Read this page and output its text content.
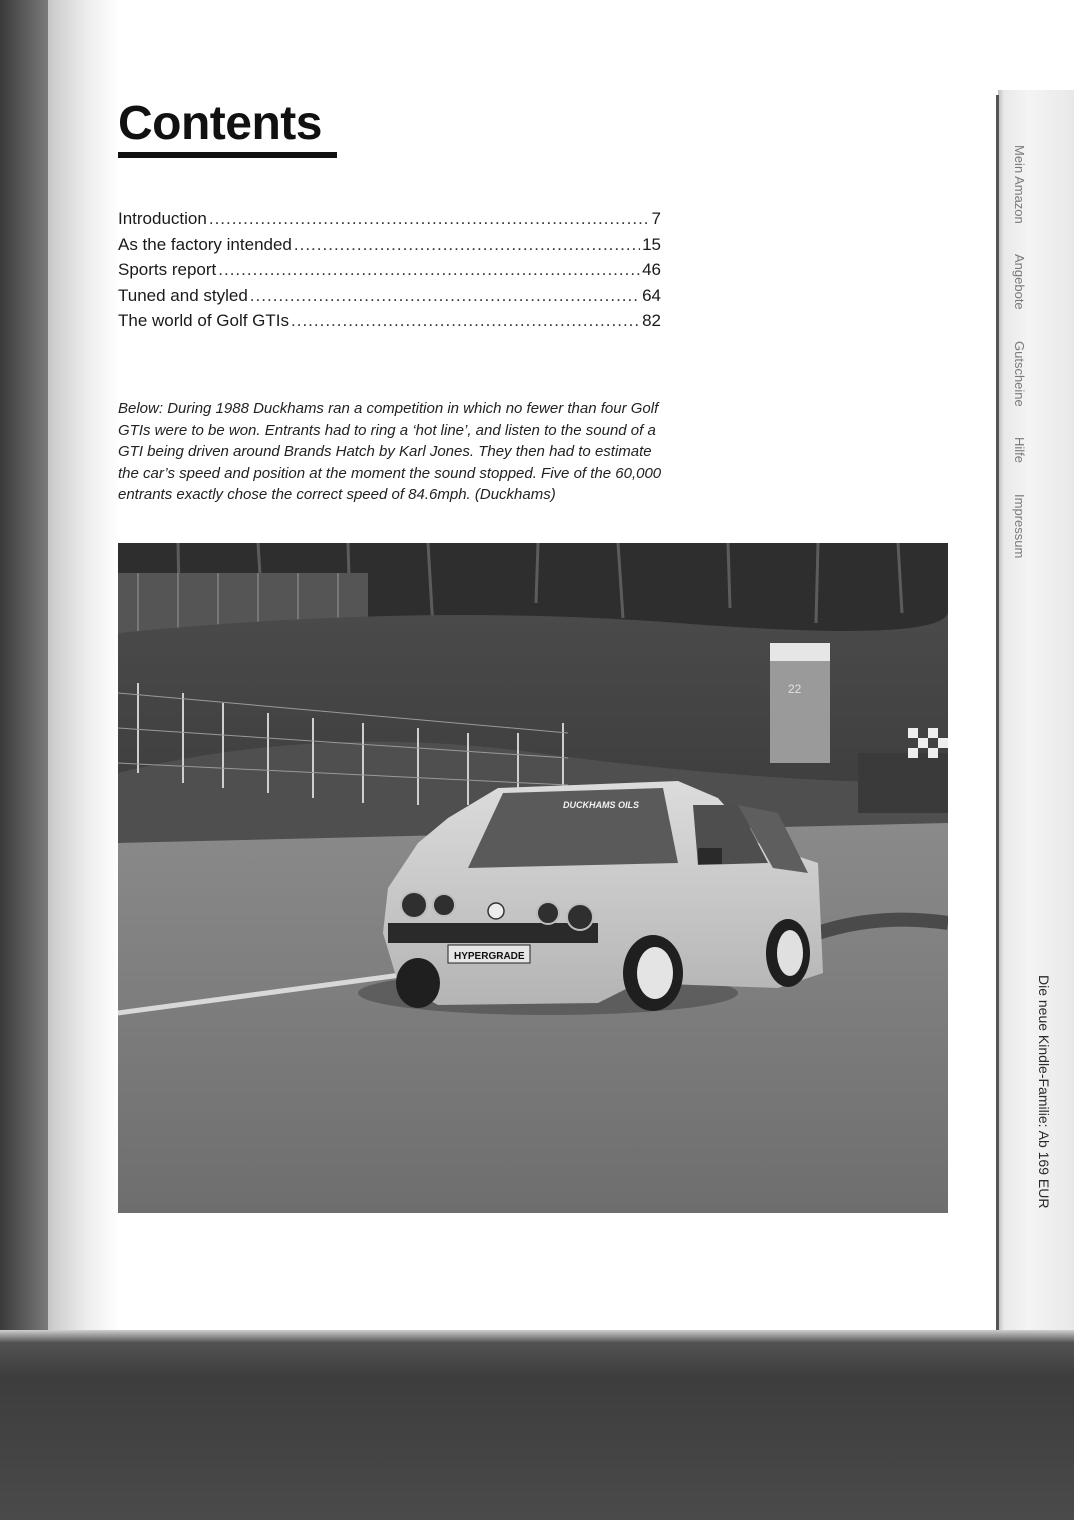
Contents
Introduction .....	7
As the factory intended .....	15
Sports report .....	46
Tuned and styled .....	64
The world of Golf GTIs .....	82

Below: During 1988 Duckhams ran a competition in which no fewer than four Golf GTIs were to be won. Entrants had to ring a ‘hot line’, and listen to the sound of a GTI being driven around Brands Hatch by Karl Jones. They then had to estimate the car’s speed and position at the moment the sound stopped. Five of the 60,000 entrants exactly chose the correct speed of 84.6mph. (Duckhams)

22
DUCKHAMS OILS
HYPERGRADE
Mein Amazon Angebote Gutscheine Hilfe Impressum
Die neue Kindle-Familie: Ab 169 EUR
